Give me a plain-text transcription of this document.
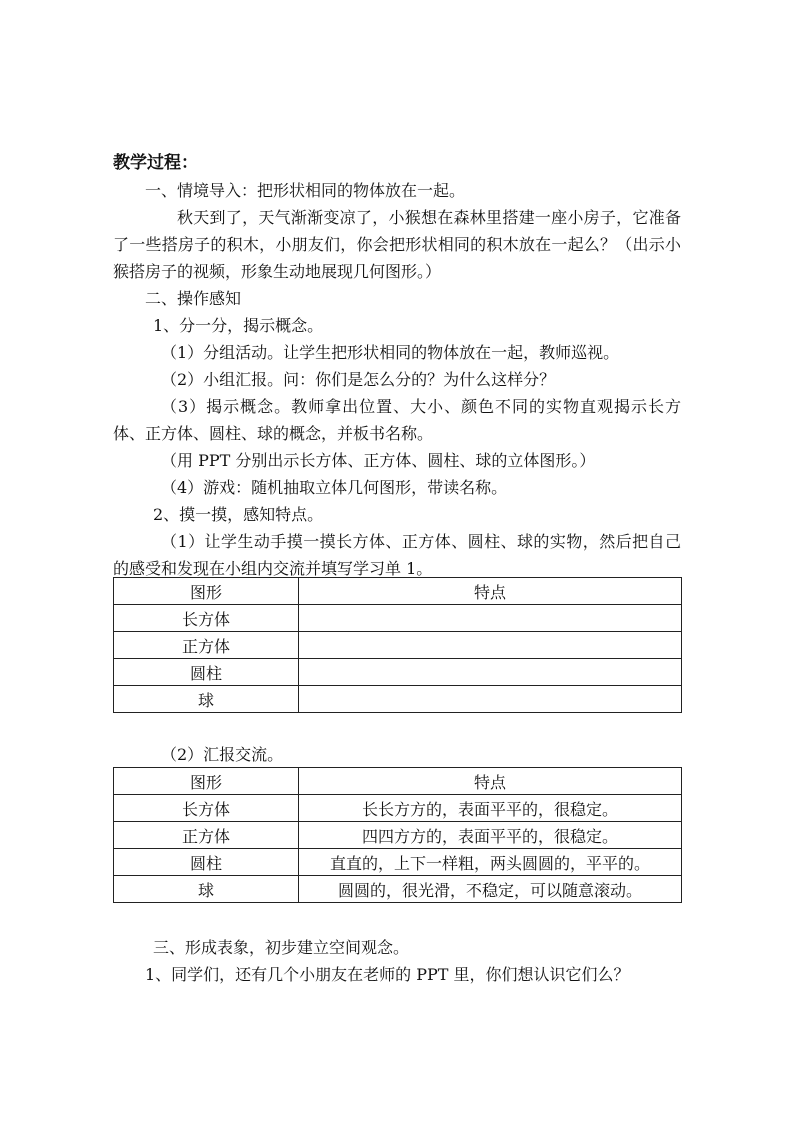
教学过程：

一、情境导入：把形状相同的物体放在一起。

秋天到了，天气渐渐变凉了，小猴想在森林里搭建一座小房子，它准备了一些搭房子的积木，小朋友们，你会把形状相同的积木放在一起么？（出示小猴搭房子的视频，形象生动地展现几何图形。）

二、操作感知

1、分一分，揭示概念。

（1）分组活动。让学生把形状相同的物体放在一起，教师巡视。

（2）小组汇报。问：你们是怎么分的？为什么这样分？

（3）揭示概念。教师拿出位置、大小、颜色不同的实物直观揭示长方体、正方体、圆柱、球的概念，并板书名称。

（用 PPT 分别出示长方体、正方体、圆柱、球的立体图形。）

（4）游戏：随机抽取立体几何图形，带读名称。

2、摸一摸，感知特点。

（1）让学生动手摸一摸长方体、正方体、圆柱、球的实物，然后把自己的感受和发现在小组内交流并填写学习单 1。

图形	特点
长方体	
正方体	
圆柱	
球	

（2）汇报交流。

图形	特点
长方体	长长方方的，表面平平的，很稳定。
正方体	四四方方的，表面平平的，很稳定。
圆柱	直直的，上下一样粗，两头圆圆的，平平的。
球	圆圆的，很光滑，不稳定，可以随意滚动。

三、形成表象，初步建立空间观念。

1、同学们，还有几个小朋友在老师的 PPT 里，你们想认识它们么？
